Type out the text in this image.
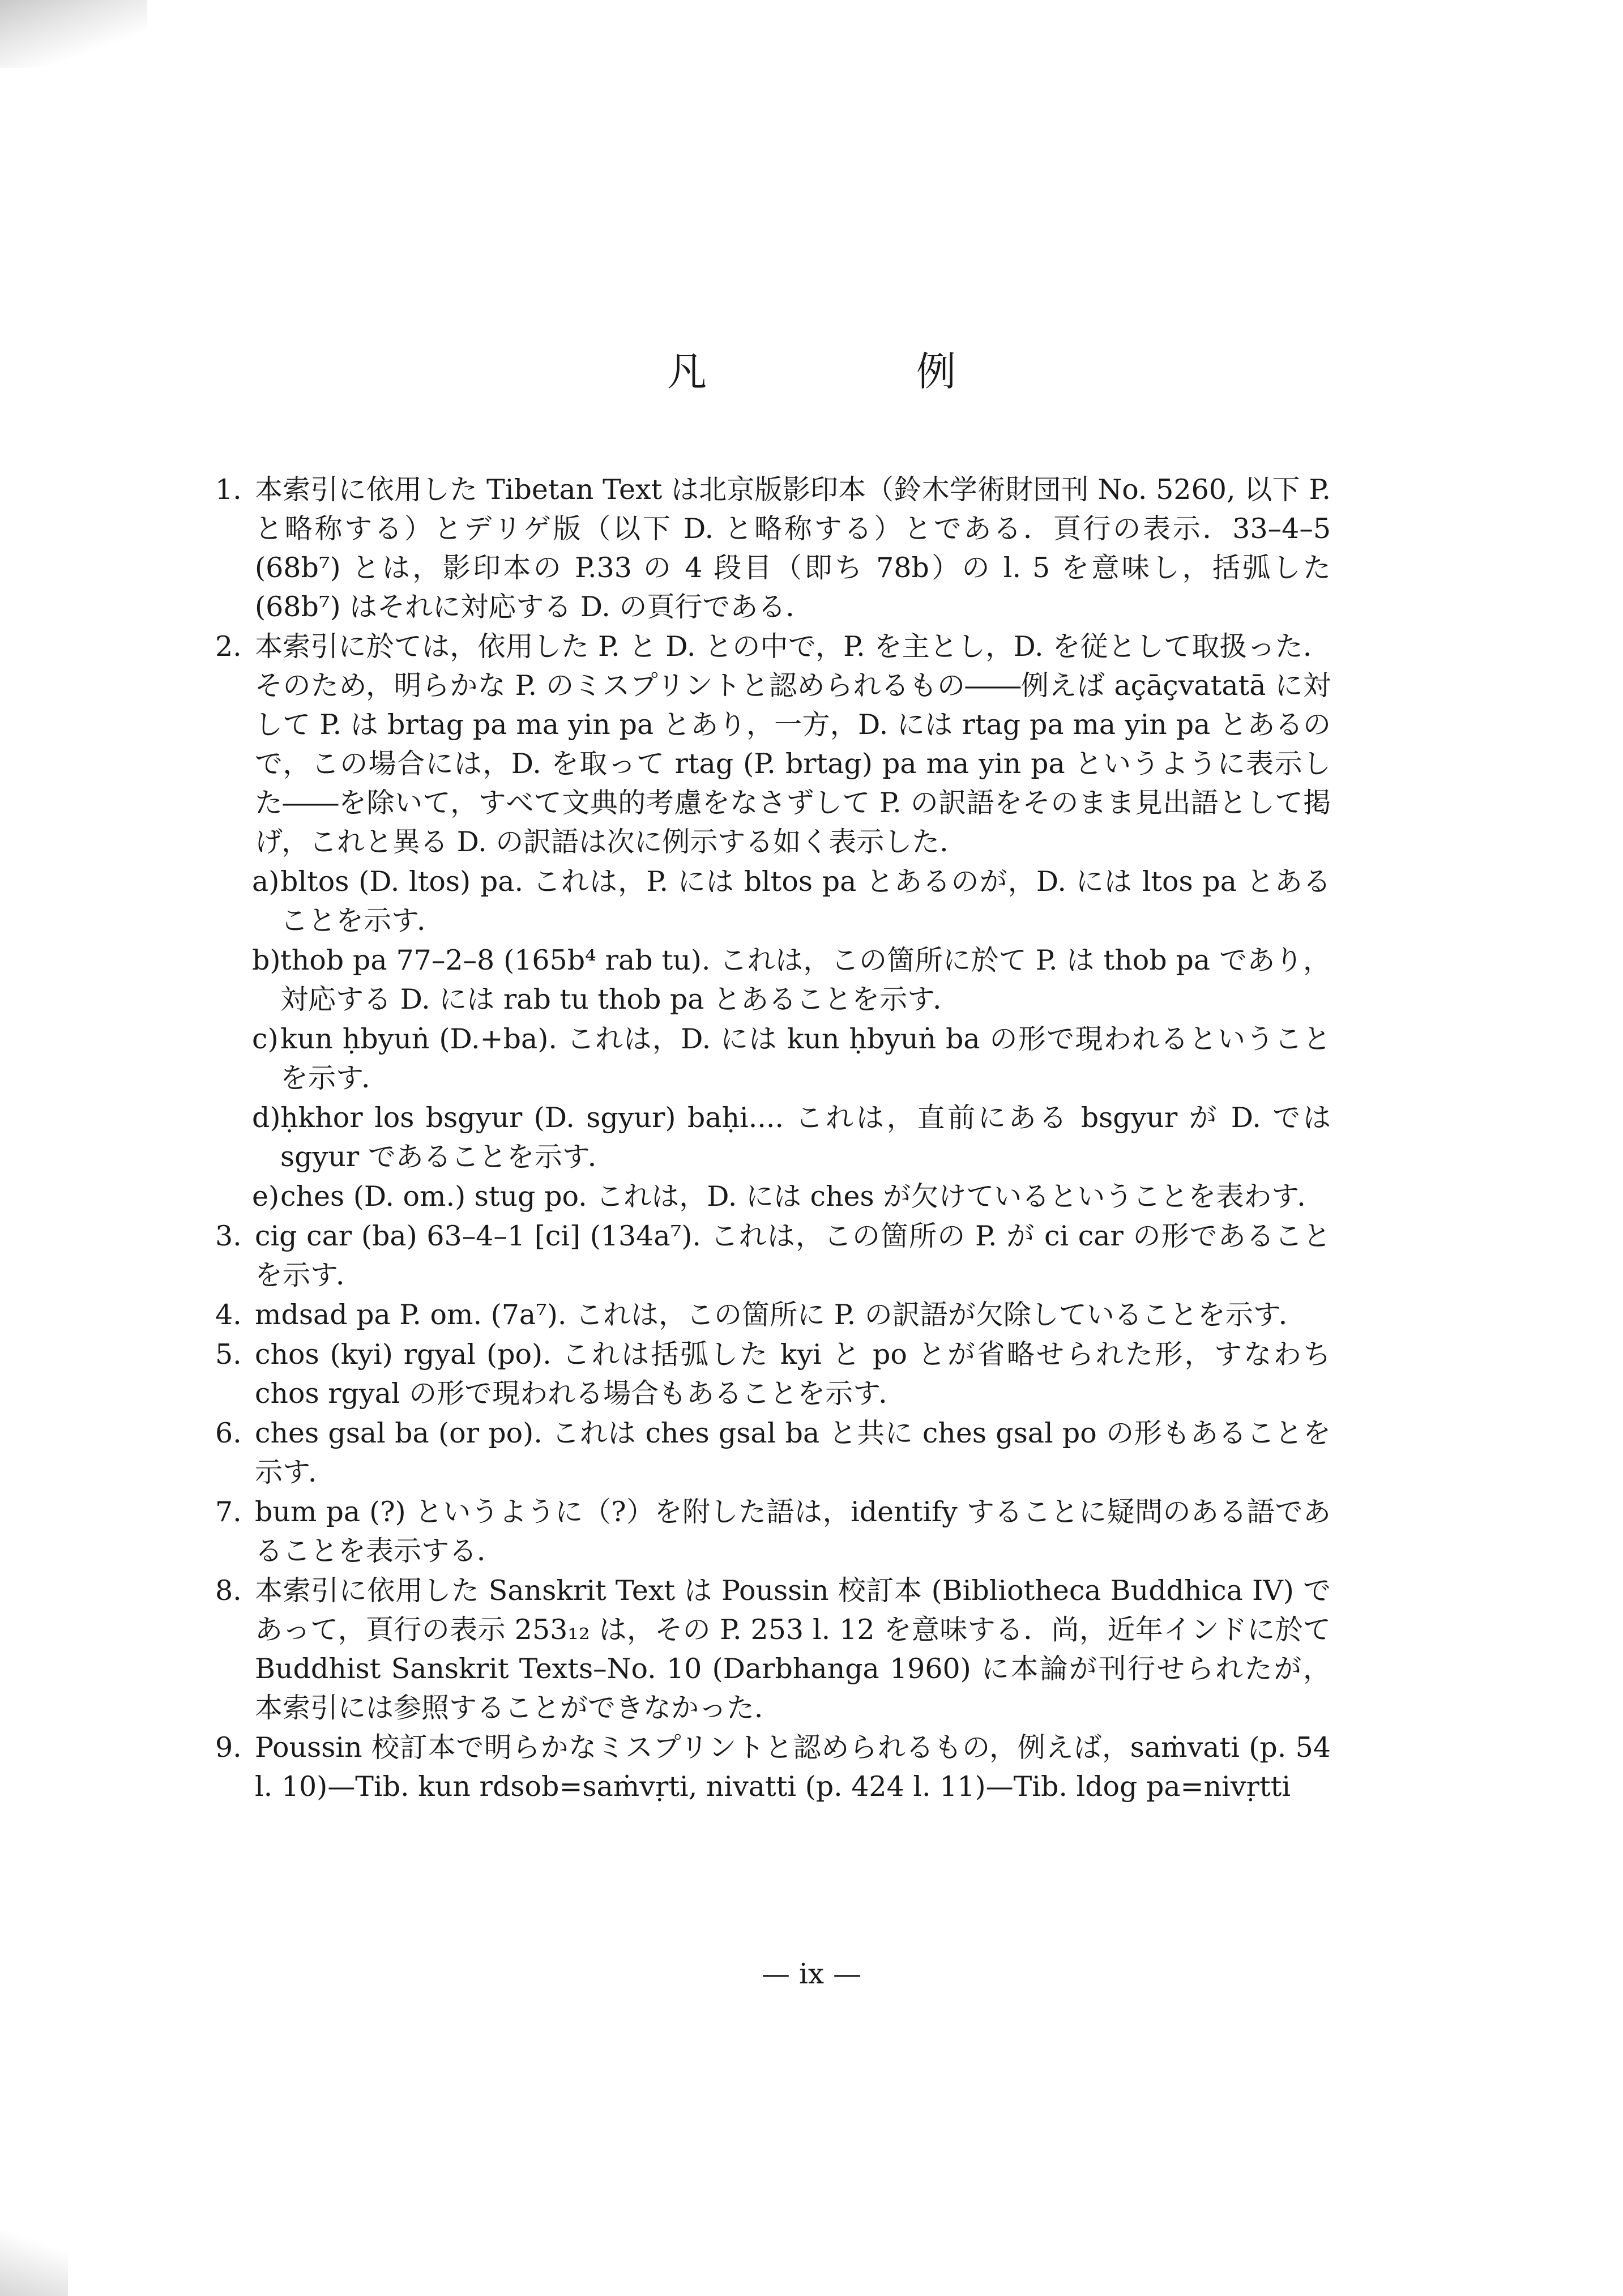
凡　例
1. 本索引に依用した Tibetan Text は北京版影印本（鈴木学術財団刊 No. 5260, 以下 P. と略称する）とデリゲ版（以下 D. と略称する）とである．頁行の表示．33–4–5 (68b⁷) とは，影印本の P.33 の 4 段目（即ち 78b）の l. 5 を意味し，括弧した (68b⁷) はそれに対応する D. の頁行である．

2. 本索引に於ては，依用した P. と D. との中で，P. を主とし，D. を従として取扱った．そのため，明らかな P. のミスプリントと認められるもの――例えば açāçvatatā に対して P. は brtag pa ma yin pa とあり，一方，D. には rtag pa ma yin pa とあるので，この場合には，D. を取って rtag (P. brtag) pa ma yin pa というように表示した――を除いて，すべて文典的考慮をなさずして P. の訳語をそのまま見出語として掲げ，これと異る D. の訳語は次に例示する如く表示した．

a) bltos (D. ltos) pa. これは，P. には bltos pa とあるのが，D. には ltos pa とあることを示す．

b) thob pa 77–2–8 (165b⁴ rab tu). これは，この箇所に於て P. は thob pa であり，対応する D. には rab tu thob pa とあることを示す．

c) kun ḥbyuṅ (D.+ba). これは，D. には kun ḥbyuṅ ba の形で現われるということを示す．

d) ḥkhor los bsgyur (D. sgyur) baḥi.... これは，直前にある bsgyur が D. では sgyur であることを示す．

e) ches (D. om.) stug po. これは，D. には ches が欠けているということを表わす．

3. cig car (ba) 63–4–1 [ci] (134a⁷). これは，この箇所の P. が ci car の形であることを示す．

4. mdsad pa P. om. (7a⁷). これは，この箇所に P. の訳語が欠除していることを示す．

5. chos (kyi) rgyal (po). これは括弧した kyi と po とが省略せられた形，すなわち chos rgyal の形で現われる場合もあることを示す．

6. ches gsal ba (or po). これは ches gsal ba と共に ches gsal po の形もあることを示す．

7. bum pa (?) というように（?）を附した語は，identify することに疑問のある語であることを表示する．

8. 本索引に依用した Sanskrit Text は Poussin 校訂本 (Bibliotheca Buddhica IV) であって，頁行の表示 253₁₂ は，その P. 253 l. 12 を意味する．尚，近年インドに於て Buddhist Sanskrit Texts–No. 10 (Darbhanga 1960) に本論が刊行せられたが，本索引には参照することができなかった．

9. Poussin 校訂本で明らかなミスプリントと認められるもの，例えば，saṁvati (p. 54 l. 10)—Tib. kun rdsob=saṁvṛti, nivatti (p. 424 l. 11)—Tib. ldog pa=nivṛtti

— ix —
